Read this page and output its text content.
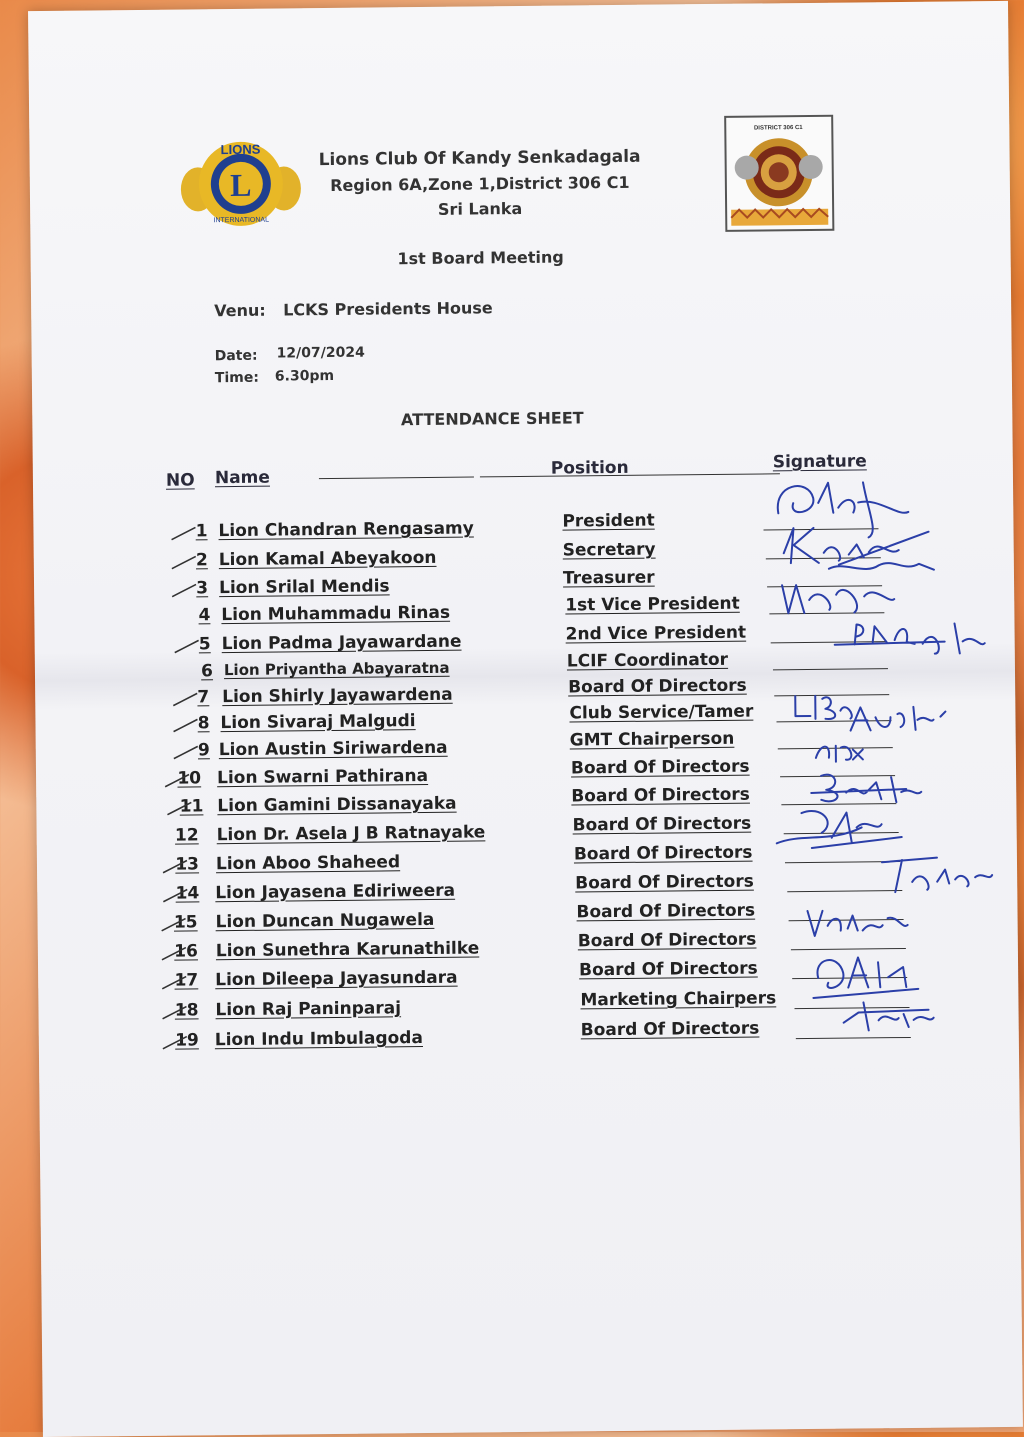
L
LIONS
INTERNATIONAL
DISTRICT 306 C1
Lions Club Of Kandy Senkadagala
Region 6A,Zone 1,District 306 C1
Sri Lanka
1st Board Meeting
Venu: LCKS Presidents House
Date: 12/07/2024
Time: 6.30pm
ATTENDANCE SHEET
NO Name	Position	Signature
1 Lion Chandran Rengasamy	President
2 Lion Kamal Abeyakoon	Secretary
3 Lion Srilal Mendis	Treasurer
4 Lion Muhammadu Rinas	1st Vice President
5 Lion Padma Jayawardane	2nd Vice President
6 Lion Priyantha Abayaratna	LCIF Coordinator
7 Lion Shirly Jayawardena	Board Of Directors
8 Lion Sivaraj Malgudi	Club Service/Tamer
9 Lion Austin Siriwardena	GMT Chairperson
10 Lion Swarni Pathirana	Board Of Directors
11 Lion Gamini Dissanayaka	Board Of Directors
12 Lion Dr. Asela J B Ratnayake	Board Of Directors
13 Lion Aboo Shaheed	Board Of Directors
14 Lion Jayasena Ediriweera	Board Of Directors
15 Lion Duncan Nugawela	Board Of Directors
16 Lion Sunethra Karunathilke	Board Of Directors
17 Lion Dileepa Jayasundara	Board Of Directors
18 Lion Raj Paninparaj	Marketing Chairpers
19 Lion Indu Imbulagoda	Board Of Directors
